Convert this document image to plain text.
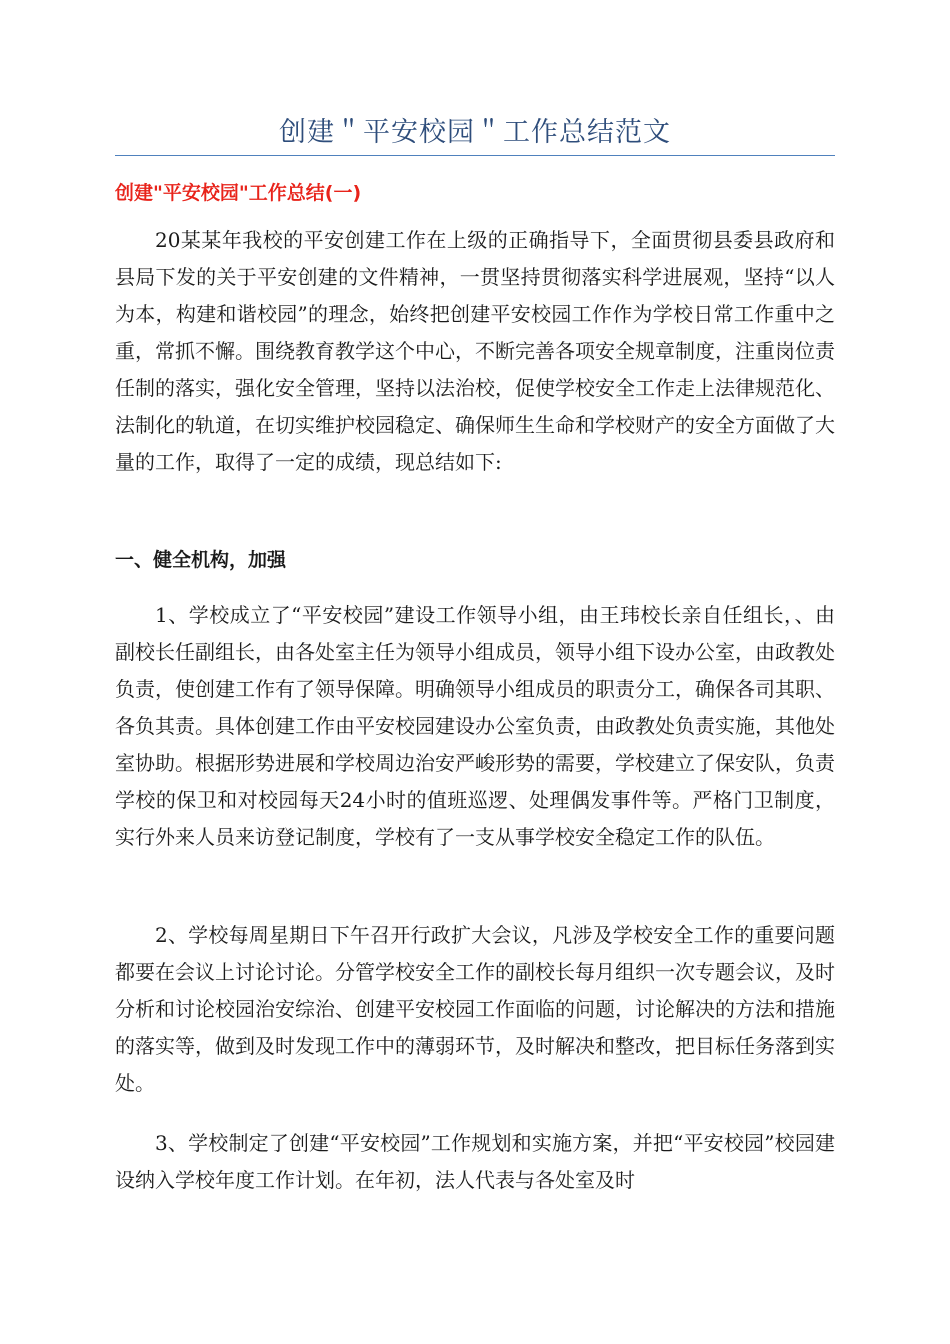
创建＂平安校园＂工作总结范文
创建"平安校园"工作总结(一)

20某某年我校的平安创建工作在上级的正确指导下，全面贯彻县委县政府和县局下发的关于平安创建的文件精神，一贯坚持贯彻落实科学进展观，坚持“以人为本，构建和谐校园”的理念，始终把创建平安校园工作作为学校日常工作重中之重，常抓不懈。围绕教育教学这个中心，不断完善各项安全规章制度，注重岗位责任制的落实，强化安全管理，坚持以法治校，促使学校安全工作走上法律规范化、法制化的轨道，在切实维护校园稳定、确保师生生命和学校财产的安全方面做了大量的工作，取得了一定的成绩，现总结如下:

一、健全机构，加强

1、学校成立了“平安校园”建设工作领导小组，由王玮校长亲自任组长，、由副校长任副组长，由各处室主任为领导小组成员，领导小组下设办公室，由政教处负责，使创建工作有了领导保障。明确领导小组成员的职责分工，确保各司其职、各负其责。具体创建工作由平安校园建设办公室负责，由政教处负责实施，其他处室协助。根据形势进展和学校周边治安严峻形势的需要，学校建立了保安队，负责学校的保卫和对校园每天24小时的值班巡逻、处理偶发事件等。严格门卫制度，实行外来人员来访登记制度，学校有了一支从事学校安全稳定工作的队伍。

2、学校每周星期日下午召开行政扩大会议，凡涉及学校安全工作的重要问题都要在会议上讨论讨论。分管学校安全工作的副校长每月组织一次专题会议，及时分析和讨论校园治安综治、创建平安校园工作面临的问题，讨论解决的方法和措施的落实等，做到及时发现工作中的薄弱环节，及时解决和整改，把目标任务落到实处。

3、学校制定了创建“平安校园”工作规划和实施方案，并把“平安校园”校园建设纳入学校年度工作计划。在年初，法人代表与各处室及时
